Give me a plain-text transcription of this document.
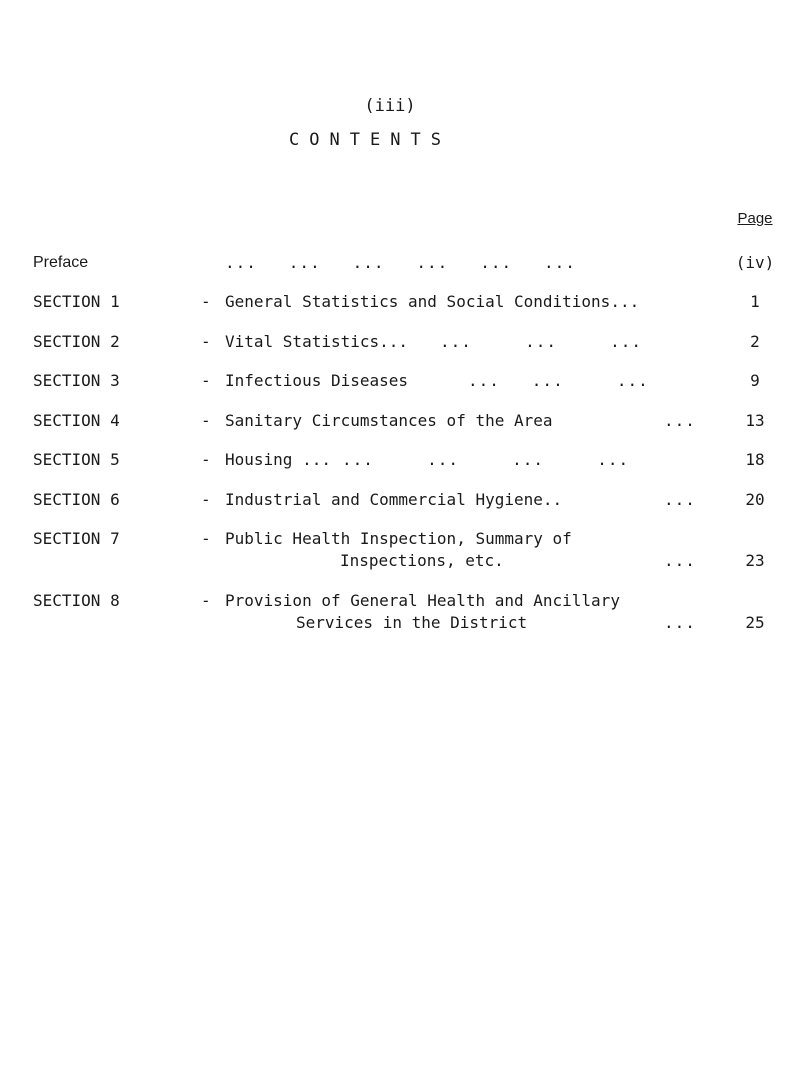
(iii)
CONTENTS
Page
Preface	...   ...   ...   ...   ...   ...	(iv)
SECTION 1	- General Statistics and Social Conditions...	1
SECTION 2	- Vital Statistics... ...     ...     ...	2
SECTION 3	- Infectious Diseases	...   ...     ...	9
SECTION 4	- Sanitary Circumstances of the Area	...	13
SECTION 5	- Housing ... ...     ...     ...     ...	18
SECTION 6	- Industrial and Commercial Hygiene..	...	20
SECTION 7	- Public Health Inspection, Summary of
Inspections, etc.	...	23
SECTION 8	- Provision of General Health and Ancillary
Services in the District	...	25
